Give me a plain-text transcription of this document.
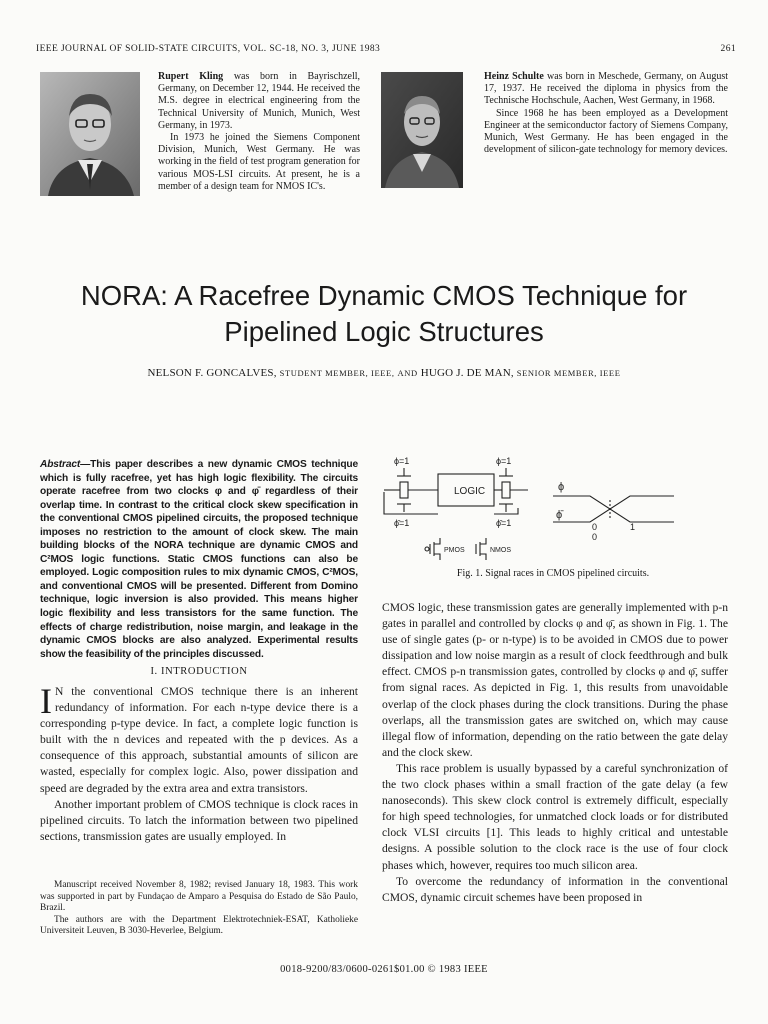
IEEE JOURNAL OF SOLID-STATE CIRCUITS, VOL. SC-18, NO. 3, JUNE 1983	261

Rupert Kling was born in Bayrischzell, Germany, on December 12, 1944. He received the M.S. degree in electrical engineering from the Technical University of Munich, Munich, West Germany, in 1973.

In 1973 he joined the Siemens Component Division, Munich, West Germany. He was working in the field of test program generation for various MOS-LSI circuits. At present, he is a member of a design team for NMOS IC's.

Heinz Schulte was born in Meschede, Germany, on August 17, 1937. He received the diploma in physics from the Technische Hochschule, Aachen, West Germany, in 1968.

Since 1968 he has been employed as a Development Engineer at the semiconductor factory of Siemens Company, Munich, West Germany. He has been engaged in the development of silicon-gate technology for memory devices.

NORA: A Racefree Dynamic CMOS Technique for
Pipelined Logic Structures
NELSON F. GONCALVES, STUDENT MEMBER, IEEE, AND HUGO J. DE MAN, SENIOR MEMBER, IEEE
Abstract—This paper describes a new dynamic CMOS technique which is fully racefree, yet has high logic flexibility. The circuits operate racefree from two clocks φ and φ̄ regardless of their overlap time. In contrast to the critical clock skew specification in the conventional CMOS pipelined circuits, the proposed technique imposes no restriction to the amount of clock skew. The main building blocks of the NORA technique are dynamic CMOS and C²MOS logic functions. Static CMOS functions can also be employed. Logic composition rules to mix dynamic CMOS, C²MOS, and conventional CMOS will be presented. Different from Domino technique, logic inversion is also provided. This means higher logic flexibility and less transistors for the same function. The effects of charge redistribution, noise margin, and leakage in the dynamic CMOS blocks are also analyzed. Experimental results show the feasibility of the principles discussed.
I. INTRODUCTION

I N the conventional CMOS technique there is an inherent redundancy of information. For each n-type device there is a corresponding p-type device. In fact, a complete logic function is built with the n devices and repeated with the p devices. As a consequence of this approach, substantial amounts of silicon are wasted, especially for complex logic. Also, power dissipation and speed are degraded by the extra area and extra transistors.

Another important problem of CMOS technique is clock races in pipelined circuits. To latch the information between two pipelined sections, transmission gates are usually employed. In

Manuscript received November 8, 1982; revised January 18, 1983. This work was supported in part by Fundaçao de Amparo a Pesquisa do Estado de São Paulo, Brazil.

The authors are with the Department Elektrotechniek-ESAT, Katholieke Universiteit Leuven, B 3030-Heverlee, Belgium.

LOGIC
ϕ=1	ϕ=1
ϕ̄=1	ϕ̄=1
PMOS	NMOS
ϕ
ϕ̄
1
0
0
Fig. 1. Signal races in CMOS pipelined circuits.

CMOS logic, these transmission gates are generally implemented with p-n gates in parallel and controlled by clocks φ and φ̄, as shown in Fig. 1. The use of single gates (p- or n-type) is to be avoided in CMOS due to power dissipation and low noise margin as a result of clock feedthrough and bulk effect. CMOS p-n transmission gates, controlled by clocks φ and φ̄, suffer from signal races. As depicted in Fig. 1, this results from unavoidable overlap of the clock phases during the clock transitions. During the phase overlaps, all the transmission gates are switched on, which may cause illegal flow of information, depending on the ratio between the gate delay and the clock skew.

This race problem is usually bypassed by a careful synchronization of the two clock phases within a small fraction of the gate delay (a few nanoseconds). This skew clock control is extremely difficult, especially for high speed technologies, for unmatched clock loads or for distributed clock VLSI circuits [1]. This leads to highly critical and untestable designs. A possible solution to the clock race is the use of four clock phases which, however, requires too much silicon area.

To overcome the redundancy of information in the conventional CMOS, dynamic circuit schemes have been proposed in

0018-9200/83/0600-0261$01.00 © 1983 IEEE
